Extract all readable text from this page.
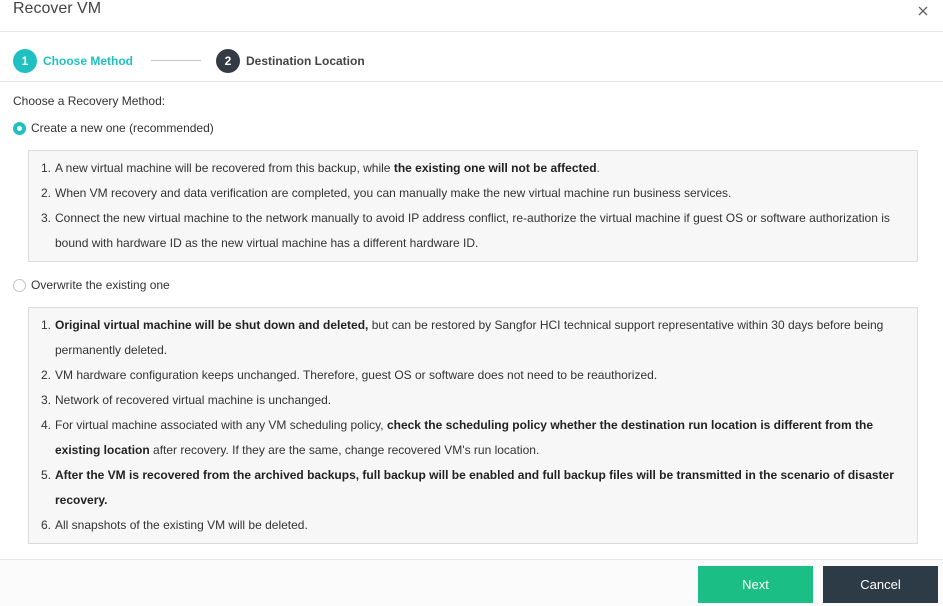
Recover VM
1	Choose Method	2	Destination Location
Choose a Recovery Method:
Create a new one (recommended)
1. A new virtual machine will be recovered from this backup, while the existing one will not be affected.
2. When VM recovery and data verification are completed, you can manually make the new virtual machine run business services.
3. Connect the new virtual machine to the network manually to avoid IP address conflict, re-authorize the virtual machine if guest OS or software authorization is bound with hardware ID as the new virtual machine has a different hardware ID.
Overwrite the existing one
1. Original virtual machine will be shut down and deleted, but can be restored by Sangfor HCI technical support representative within 30 days before being permanently deleted.
2. VM hardware configuration keeps unchanged. Therefore, guest OS or software does not need to be reauthorized.
3. Network of recovered virtual machine is unchanged.
4. For virtual machine associated with any VM scheduling policy, check the scheduling policy whether the destination run location is different from the existing location after recovery. If they are the same, change recovered VM's run location.
5. After the VM is recovered from the archived backups, full backup will be enabled and full backup files will be transmitted in the scenario of disaster recovery.
6. All snapshots of the existing VM will be deleted.
Next	Cancel
